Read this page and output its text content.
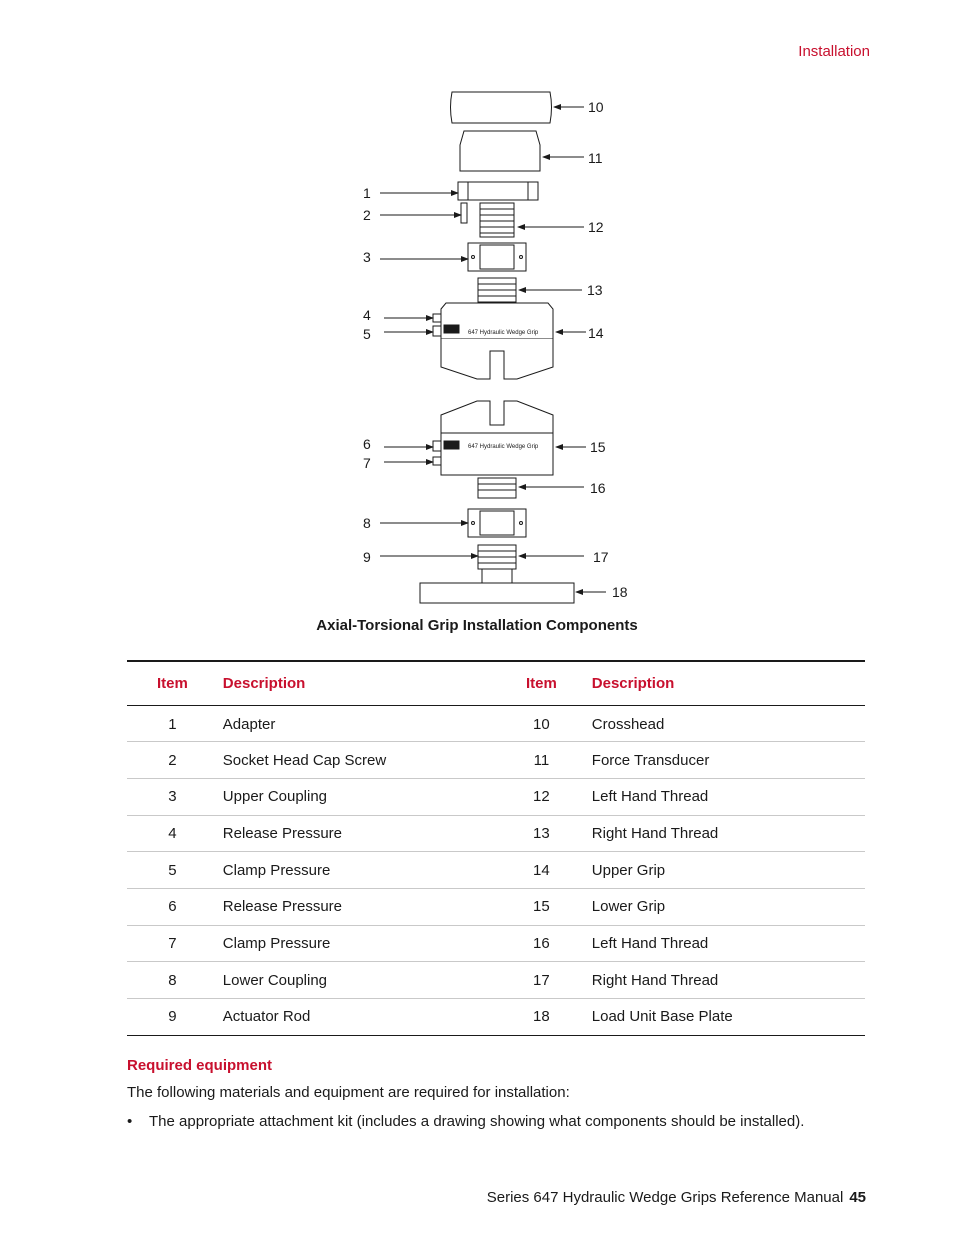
Installation
647 Hydraulic Wedge Grip
647 Hydraulic Wedge Grip
10
11
1
2
12
3
13
4
5	14
6	15
7
16
8
9	17
18
Axial-Torsional Grip Installation Components
Item	Description	Item	Description
1	Adapter	10	Crosshead
2	Socket Head Cap Screw	11	Force Transducer
3	Upper Coupling	12	Left Hand Thread
4	Release Pressure	13	Right Hand Thread
5	Clamp Pressure	14	Upper Grip
6	Release Pressure	15	Lower Grip
7	Clamp Pressure	16	Left Hand Thread
8	Lower Coupling	17	Right Hand Thread
9	Actuator Rod	18	Load Unit Base Plate
Required equipment
The following materials and equipment are required for installation:
•	The appropriate attachment kit (includes a drawing showing what components should be installed).
Series 647 Hydraulic Wedge Grips Reference Manual 45
